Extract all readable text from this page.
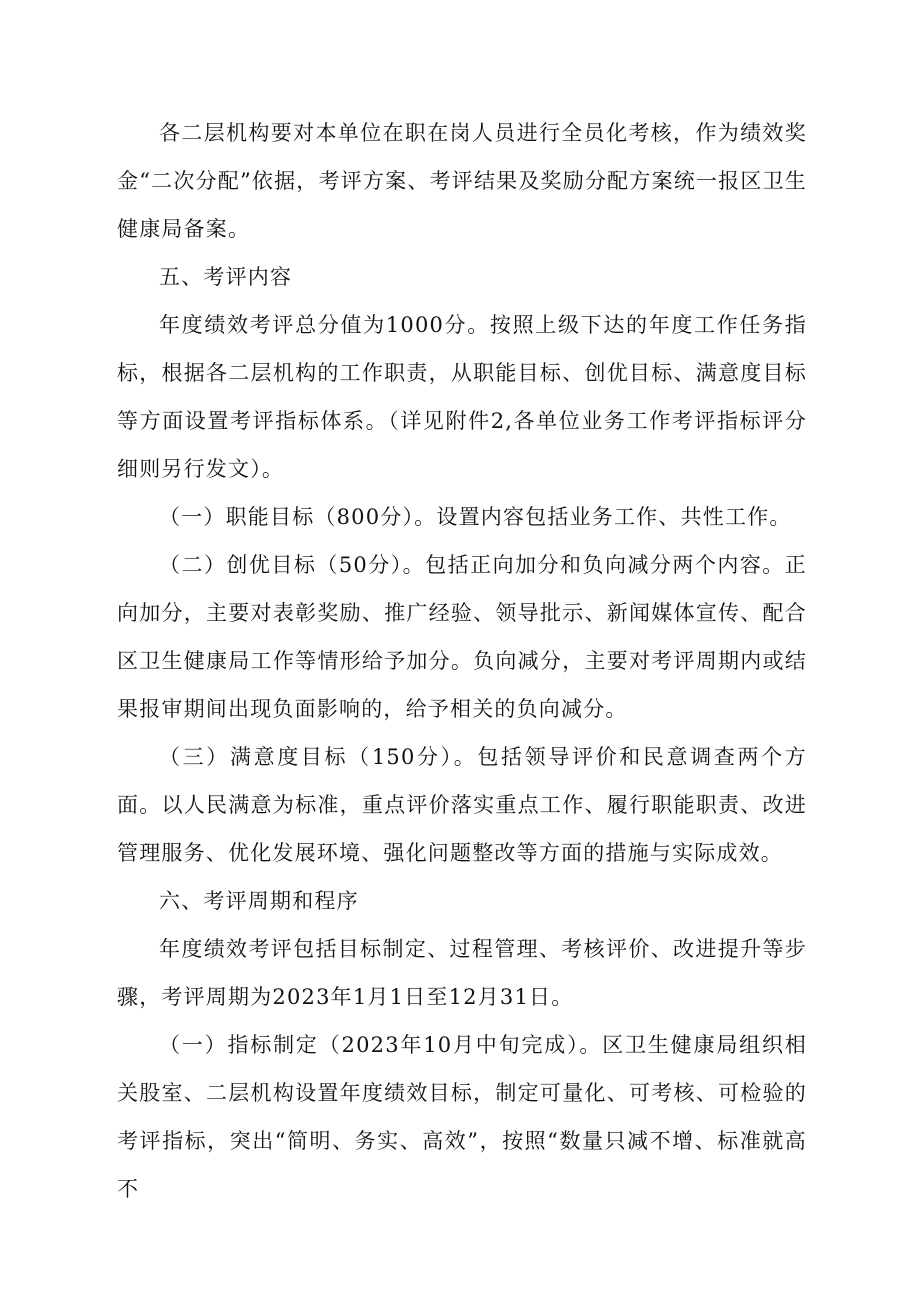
各二层机构要对本单位在职在岗人员进行全员化考核，作为绩效奖金“二次分配”依据，考评方案、考评结果及奖励分配方案统一报区卫生健康局备案。

五、考评内容

年度绩效考评总分值为1000分。按照上级下达的年度工作任务指标，根据各二层机构的工作职责，从职能目标、创优目标、满意度目标等方面设置考评指标体系。（详见附件2,各单位业务工作考评指标评分细则另行发文）。

（一）职能目标（800分）。设置内容包括业务工作、共性工作。

（二）创优目标（50分）。包括正向加分和负向减分两个内容。正向加分，主要对表彰奖励、推广经验、领导批示、新闻媒体宣传、配合区卫生健康局工作等情形给予加分。负向减分，主要对考评周期内或结果报审期间出现负面影响的，给予相关的负向减分。

（三）满意度目标（150分）。包括领导评价和民意调查两个方面。以人民满意为标准，重点评价落实重点工作、履行职能职责、改进管理服务、优化发展环境、强化问题整改等方面的措施与实际成效。

六、考评周期和程序

年度绩效考评包括目标制定、过程管理、考核评价、改进提升等步骤，考评周期为2023年1月1日至12月31日。

（一）指标制定（2023年10月中旬完成）。区卫生健康局组织相关股室、二层机构设置年度绩效目标，制定可量化、可考核、可检验的考评指标，突出“简明、务实、高效”，按照“数量只减不增、标准就高不
